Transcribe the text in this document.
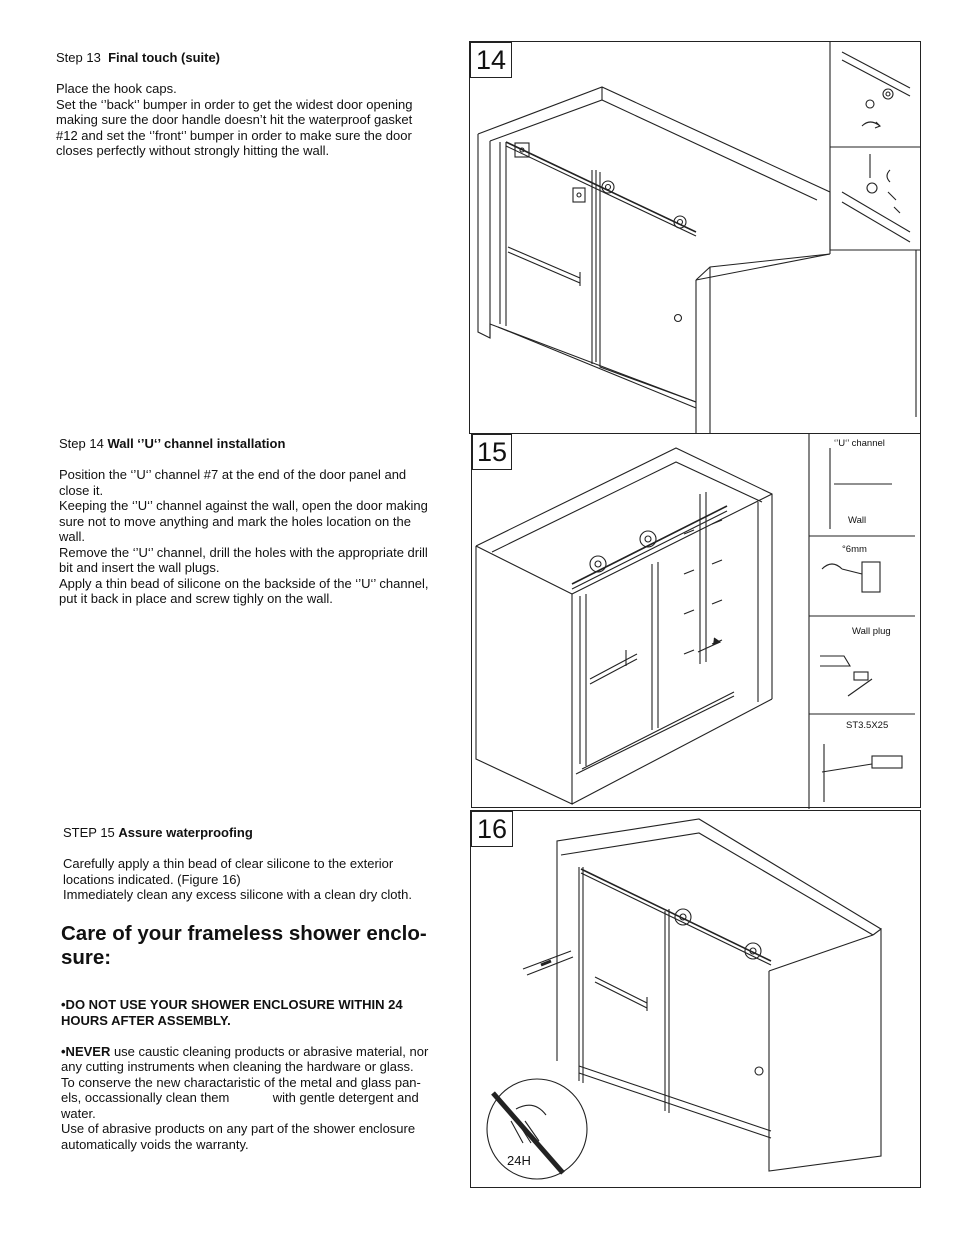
Step 13 Final touch (suite)

Place the hook caps.

Set the ‘’back‘’ bumper in order to get the widest door opening

making sure the door handle doesn’t hit the waterproof gasket

#12 and set the ‘’front‘’ bumper in order to make sure the door

closes perfectly without strongly hitting the wall.

Step 14 Wall ‘’U‘’ channel installation

Position the ‘’U‘’ channel #7 at the end of the door panel and

close it.

Keeping the ‘’U‘’ channel against the wall, open the door making

sure not to move anything and mark the holes location on the

wall.

Remove the ‘’U‘’ channel, drill the holes with the appropriate drill

bit and insert the wall plugs.

Apply a thin bead of silicone on the backside of the ‘’U‘’ channel,

put it back in place and screw tighly on the wall.

STEP 15 Assure waterproofing

Carefully apply a thin bead of clear silicone to the exterior

locations indicated. (Figure 16)

Immediately clean any excess silicone with a clean dry cloth.

Care of your frameless shower enclo-
sure:

•DO NOT USE YOUR SHOWER ENCLOSURE WITHIN 24

HOURS AFTER ASSEMBLY.

•NEVER use caustic cleaning products or abrasive material, nor

any cutting instruments when cleaning the hardware or glass.

To conserve the new charactaristic of the metal and glass pan-

els, occassionally clean them            with gentle detergent and

water.

Use of abrasive products on any part of the shower enclosure

automatically voids the warranty.

14
15	‘’U‘’ channel
Wall
°6mm
Wall plug
ST3.5X25
16
24H
